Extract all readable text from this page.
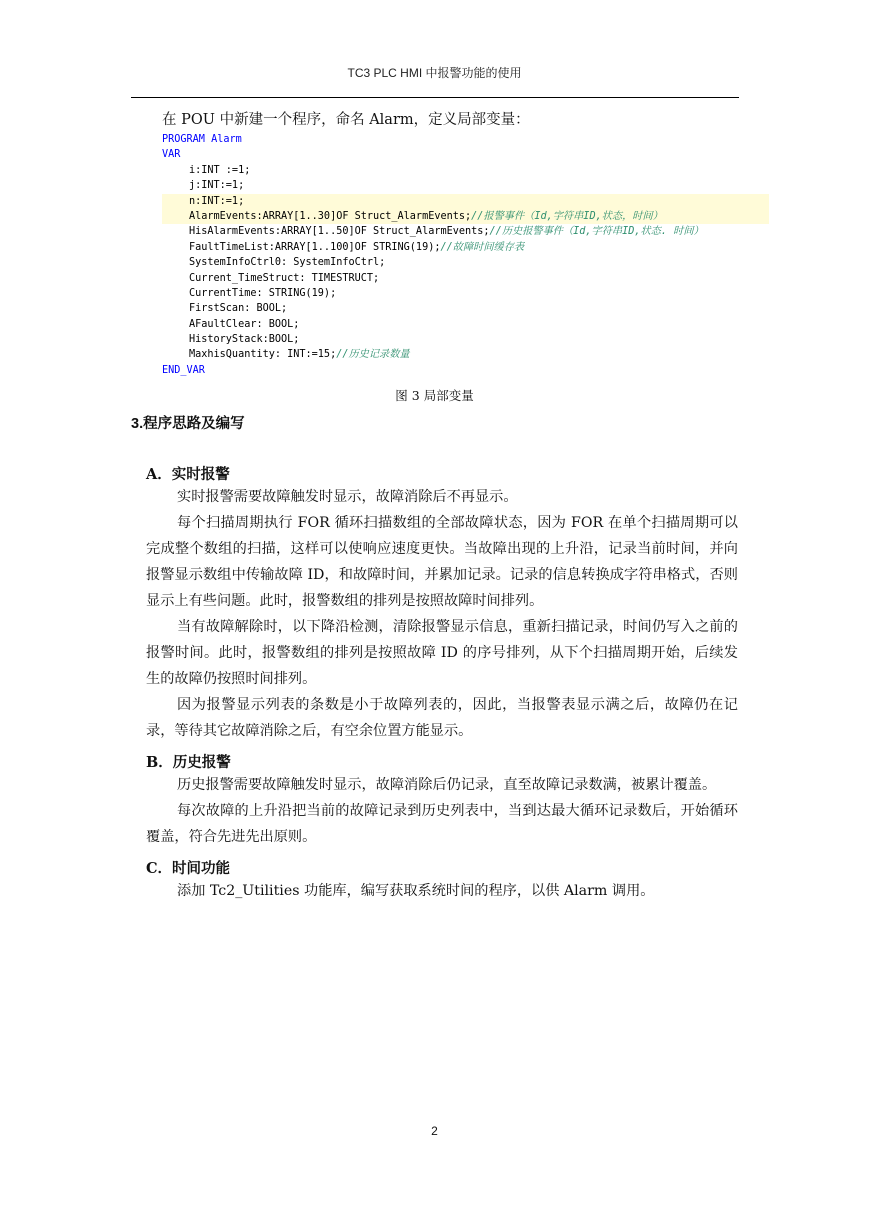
TC3 PLC HMI 中报警功能的使用
在 POU 中新建一个程序，命名 Alarm，定义局部变量：
PROGRAM Alarm
VAR
i:INT :=1;
j:INT:=1;
n:INT:=1;
AlarmEvents:ARRAY[1..30]OF Struct_AlarmEvents;//报警事件（Id,字符串ID,状态，时间）
HisAlarmEvents:ARRAY[1..50]OF Struct_AlarmEvents;//历史报警事件（Id,字符串ID,状态. 时间）
FaultTimeList:ARRAY[1..100]OF STRING(19);//故障时间缓存表
SystemInfoCtrl0: SystemInfoCtrl;
Current_TimeStruct: TIMESTRUCT;
CurrentTime: STRING(19);
FirstScan: BOOL;
AFaultClear: BOOL;
HistoryStack:BOOL;
MaxhisQuantity: INT:=15;//历史记录数量
END_VAR
图 3 局部变量
3.程序思路及编写
A．实时报警
实时报警需要故障触发时显示，故障消除后不再显示。
每个扫描周期执行 FOR 循环扫描数组的全部故障状态，因为 FOR 在单个扫描周期可以完成整个数组的扫描，这样可以使响应速度更快。当故障出现的上升沿，记录当前时间，并向报警显示数组中传输故障 ID，和故障时间，并累加记录。记录的信息转换成字符串格式，否则显示上有些问题。此时，报警数组的排列是按照故障时间排列。
当有故障解除时，以下降沿检测，清除报警显示信息，重新扫描记录，时间仍写入之前的报警时间。此时，报警数组的排列是按照故障 ID 的序号排列，从下个扫描周期开始，后续发生的故障仍按照时间排列。
因为报警显示列表的条数是小于故障列表的，因此，当报警表显示满之后，故障仍在记录，等待其它故障消除之后，有空余位置方能显示。
B．历史报警
历史报警需要故障触发时显示，故障消除后仍记录，直至故障记录数满，被累计覆盖。
每次故障的上升沿把当前的故障记录到历史列表中，当到达最大循环记录数后，开始循环覆盖，符合先进先出原则。
C．时间功能
添加 Tc2_Utilities 功能库，编写获取系统时间的程序，以供 Alarm 调用。
2
